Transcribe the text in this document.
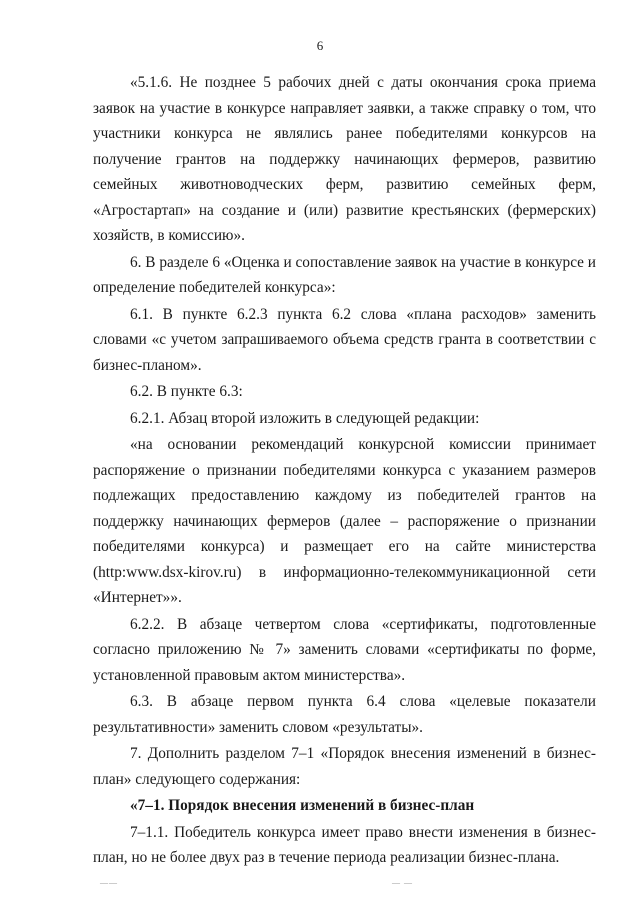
6

«5.1.6. Не позднее 5 рабочих дней с даты окончания срока приема заявок на участие в конкурсе направляет заявки, а также справку о том, что участники конкурса не являлись ранее победителями конкурсов на получение грантов на поддержку начинающих фермеров, развитию семейных животноводческих ферм, развитию семейных ферм, «Агростартап» на создание и (или) развитие крестьянских (фермерских) хозяйств, в комиссию».

6. В разделе 6 «Оценка и сопоставление заявок на участие в конкурсе и определение победителей конкурса»:

6.1. В пункте 6.2.3 пункта 6.2 слова «плана расходов» заменить словами «с учетом запрашиваемого объема средств гранта в соответствии с бизнес-планом».

6.2. В пункте 6.3:

6.2.1. Абзац второй изложить в следующей редакции:

«на основании рекомендаций конкурсной комиссии принимает распоряжение о признании победителями конкурса с указанием размеров подлежащих предоставлению каждому из победителей грантов на поддержку начинающих фермеров (далее – распоряжение о признании победителями конкурса) и размещает его на сайте министерства (http:www.dsx-kirov.ru) в информационно-телекоммуникационной сети «Интернет»».

6.2.2. В абзаце четвертом слова «сертификаты, подготовленные согласно приложению № 7» заменить словами «сертификаты по форме, установленной правовым актом министерства».

6.3. В абзаце первом пункта 6.4 слова «целевые показатели результативности» заменить словом «результаты».

7. Дополнить разделом 7–1 «Порядок внесения изменений в бизнес-план» следующего содержания:

«7–1. Порядок внесения изменений в бизнес-план

7–1.1. Победитель конкурса имеет право внести изменения в бизнес-план, но не более двух раз в течение периода реализации бизнес-плана.

——	— —
